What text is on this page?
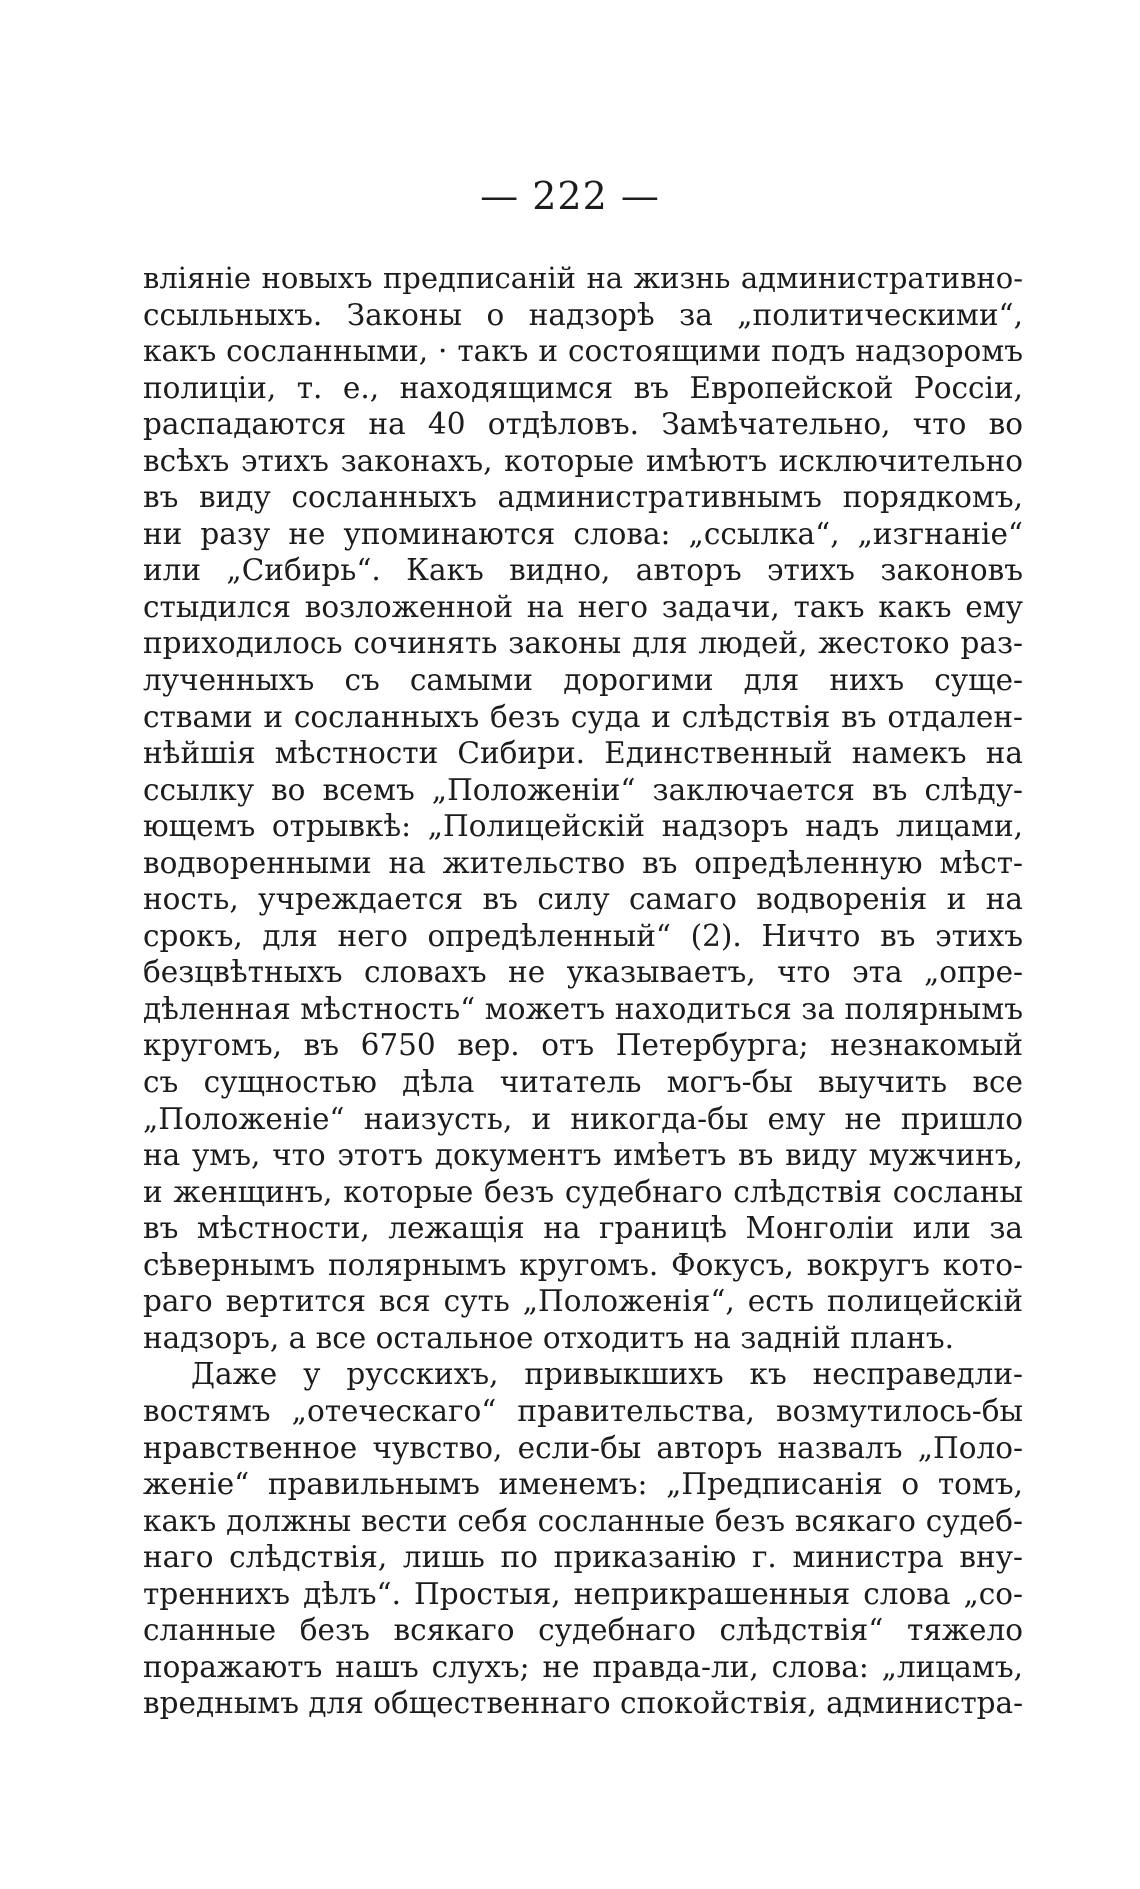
— 222 —
вліяніе новыхъ предписаній на жизнь административно-
ссыльныхъ. Законы о надзорѣ за „политическими“,
какъ сосланными, · такъ и состоящими подъ надзоромъ
полиціи, т. е., находящимся въ Европейской Россіи,
распадаются на 40 отдѣловъ. Замѣчательно, что во
всѣхъ этихъ законахъ, которые имѣютъ исключительно
въ виду сосланныхъ административнымъ порядкомъ,
ни разу не упоминаются слова: „ссылка“, „изгнаніе“
или „Сибирь“. Какъ видно, авторъ этихъ законовъ
стыдился возложенной на него задачи, такъ какъ ему
приходилось сочинять законы для людей, жестоко раз-
лученныхъ съ самыми дорогими для нихъ суще-
ствами и сосланныхъ безъ суда и слѣдствія въ отдален-
нѣйшія мѣстности Сибири. Единственный намекъ на
ссылку во всемъ „Положеніи“ заключается въ слѣду-
ющемъ отрывкѣ: „Полицейскій надзоръ надъ лицами,
водворенными на жительство въ опредѣленную мѣст-
ность, учреждается въ силу самаго водворенія и на
срокъ, для него опредѣленный“ (2). Ничто въ этихъ
безцвѣтныхъ словахъ не указываетъ, что эта „опре-
дѣленная мѣстность“ можетъ находиться за полярнымъ
кругомъ, въ 6750 вер. отъ Петербурга; незнакомый
съ сущностью дѣла читатель могъ-бы выучить все
„Положеніе“ наизусть, и никогда-бы ему не пришло
на умъ, что этотъ документъ имѣетъ въ виду мужчинъ,
и женщинъ, которые безъ судебнаго слѣдствія сосланы
въ мѣстности, лежащія на границѣ Монголіи или за
сѣвернымъ полярнымъ кругомъ. Фокусъ, вокругъ кото-
раго вертится вся суть „Положенія“, есть полицейскій
надзоръ, а все остальное отходитъ на задній планъ.
Даже у русскихъ, привыкшихъ къ несправедли-
востямъ „отеческаго“ правительства, возмутилось-бы
нравственное чувство, если-бы авторъ назвалъ „Поло-
женіе“ правильнымъ именемъ: „Предписанія о томъ,
какъ должны вести себя сосланные безъ всякаго судеб-
наго слѣдствія, лишь по приказанію г. министра вну-
треннихъ дѣлъ“. Простыя, неприкрашенныя слова „со-
сланные безъ всякаго судебнаго слѣдствія“ тяжело
поражаютъ нашъ слухъ; не правда-ли, слова: „лицамъ,
вреднымъ для общественнаго спокойствія, администра-
